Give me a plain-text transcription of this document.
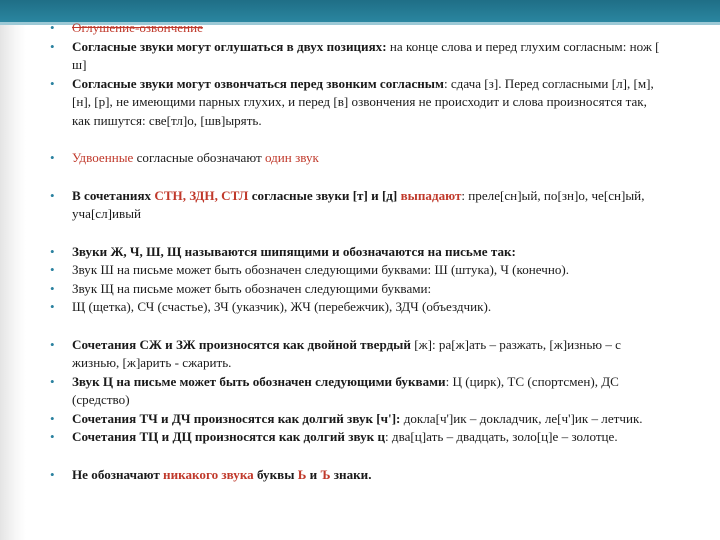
• Оглушение-озвончение
• Согласные звуки могут оглушаться в двух позициях: на конце слова и перед глухим согласным: нож [ ш]
• Согласные звуки могут озвончаться перед звонким согласным: сдача [з]. Перед согласными [л], [м], [н], [р], не имеющими парных глухих, и перед [в] озвончения не происходит и слова произносятся так, как пишутся: све[тл]о, [шв]ырять.
• Удвоенные согласные обозначают один звук
• В сочетаниях СТН, ЗДН, СТЛ согласные звуки [т] и [д] выпадают: преле[сн]ый, по[зн]о, че[сн]ый, уча[сл]ивый
• Звуки Ж, Ч, Ш, Щ называются шипящими и обозначаются на письме так:
• Звук Ш на письме может быть обозначен следующими буквами: Ш (штука), Ч (конечно).
• Звук Щ на письме может быть обозначен следующими буквами:
• Щ (щетка), СЧ (счастье), ЗЧ (указчик), ЖЧ (перебежчик), ЗДЧ (объездчик).
• Сочетания СЖ и ЗЖ произносятся как двойной твердый [ж]: ра[ж]ать – разжать, [ж]изнью – с жизнью, [ж]арить - сжарить.
• Звук Ц на письме может быть обозначен следующими буквами: Ц (цирк), ТС (спортсмен), ДС (средство)
• Сочетания ТЧ и ДЧ произносятся как долгий звук [ч']: докла[ч']ик – докладчик, ле[ч']ик – летчик.
• Сочетания ТЦ и ДЦ произносятся как долгий звук ц: два[ц]ать – двадцать, золо[ц]е – золотце.
• Не обозначают никакого звука буквы Ь и Ъ знаки.
